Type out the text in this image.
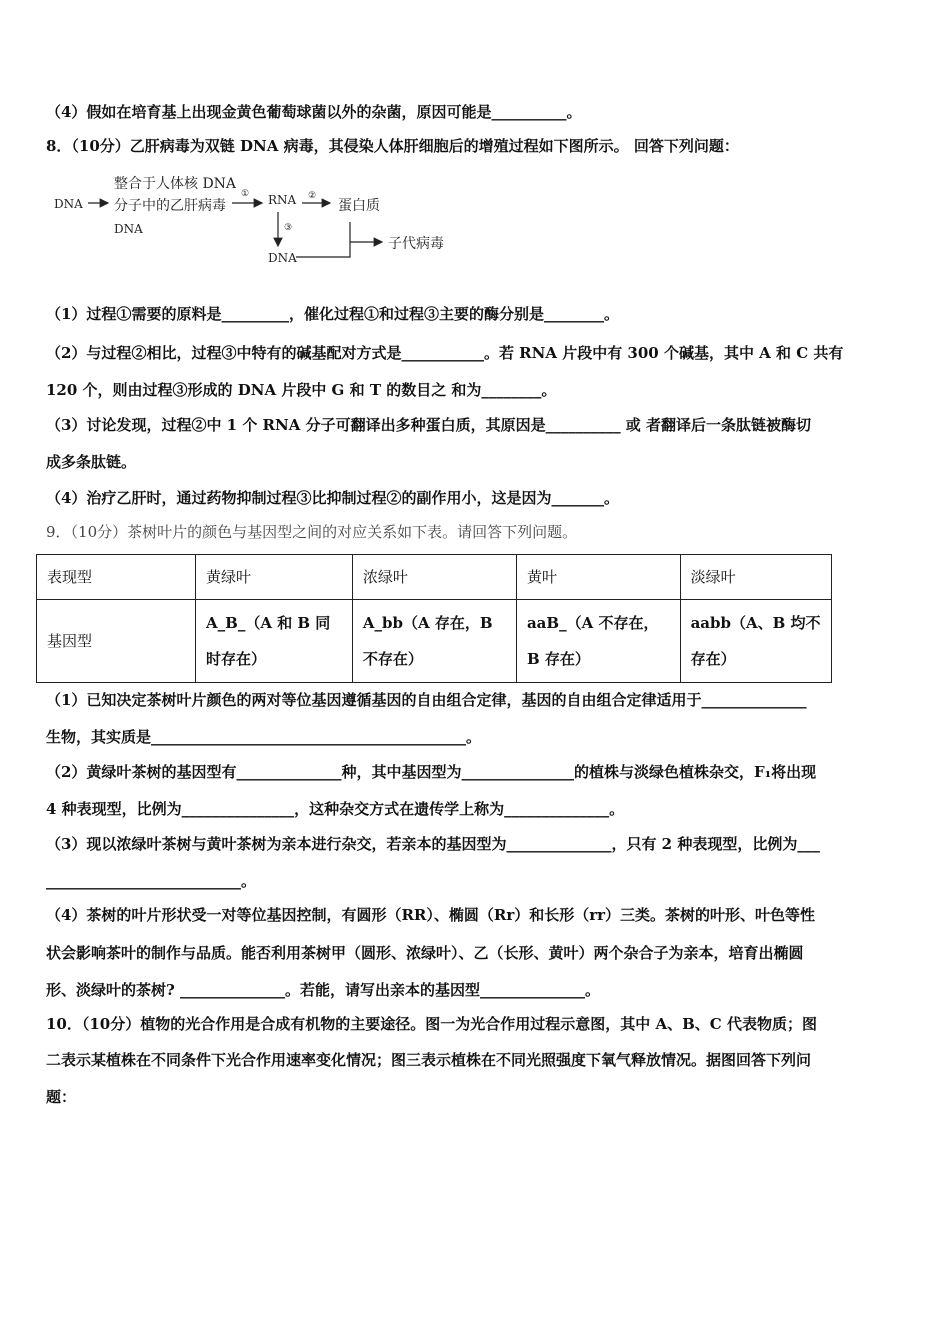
（4）假如在培育基上出现金黄色葡萄球菌以外的杂菌，原因可能是__________。
8．（10分）乙肝病毒为双链 DNA 病毒，其侵染人体肝细胞后的增殖过程如下图所示。 回答下列问题：
DNA
整合于人体核 DNA
分子中的乙肝病毒
DNA
① RNA ②
蛋白质
③
DNA
子代病毒
（1）过程①需要的原料是_________，催化过程①和过程③主要的酶分别是________。
（2）与过程②相比，过程③中特有的碱基配对方式是___________。若 RNA 片段中有 300 个碱基，其中 A 和 C 共有
120 个，则由过程③形成的 DNA 片段中 G 和 T 的数目之 和为________。
（3）讨论发现，过程②中 1 个 RNA 分子可翻译出多种蛋白质，其原因是__________ 或 者翻译后一条肽链被酶切
成多条肽链。
（4）治疗乙肝时，通过药物抑制过程③比抑制过程②的副作用小，这是因为_______。
9．（10分）茶树叶片的颜色与基因型之间的对应关系如下表。请回答下列问题。
表现型	黄绿叶	浓绿叶	黄叶	淡绿叶
基因型	A_B_（A 和 B 同时存在）	A_bb（A 存在，B 不存在）	aaB_（A 不存在，B 存在）	aabb（A、B 均不存在）
（1）已知决定茶树叶片颜色的两对等位基因遵循基因的自由组合定律，基因的自由组合定律适用于______________
生物，其实质是__________________________________________。
（2）黄绿叶茶树的基因型有______________种，其中基因型为_______________的植株与淡绿色植株杂交，F₁将出现
4 种表现型，比例为_______________，这种杂交方式在遗传学上称为______________。
（3）现以浓绿叶茶树与黄叶茶树为亲本进行杂交，若亲本的基因型为______________，只有 2 种表现型，比例为___
__________________________。
（4）茶树的叶片形状受一对等位基因控制，有圆形（RR）、椭圆（Rr）和长形（rr）三类。茶树的叶形、叶色等性
状会影响茶叶的制作与品质。能否利用茶树甲（圆形、浓绿叶）、乙（长形、黄叶）两个杂合子为亲本，培育出椭圆
形、淡绿叶的茶树? ______________。若能，请写出亲本的基因型______________。
10．（10分）植物的光合作用是合成有机物的主要途径。图一为光合作用过程示意图，其中 A、B、C 代表物质；图
二表示某植株在不同条件下光合作用速率变化情况；图三表示植株在不同光照强度下氧气释放情况。据图回答下列问
题：
